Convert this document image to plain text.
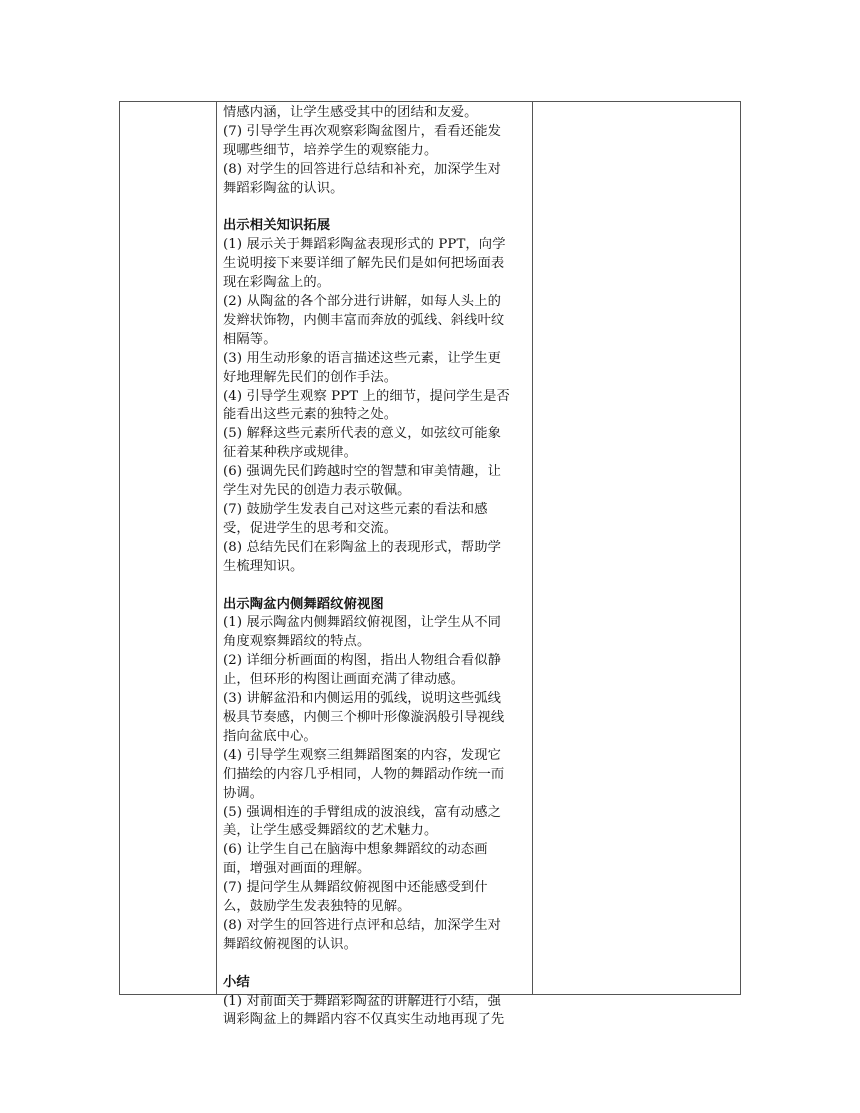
情感内涵，让学生感受其中的团结和友爱。
(7) 引导学生再次观察彩陶盆图片，看看还能发
现哪些细节，培养学生的观察能力。
(8) 对学生的回答进行总结和补充，加深学生对
舞蹈彩陶盆的认识。
出示相关知识拓展
(1) 展示关于舞蹈彩陶盆表现形式的 PPT，向学
生说明接下来要详细了解先民们是如何把场面表
现在彩陶盆上的。
(2) 从陶盆的各个部分进行讲解，如每人头上的
发辫状饰物，内侧丰富而奔放的弧线、斜线叶纹
相隔等。
(3) 用生动形象的语言描述这些元素，让学生更
好地理解先民们的创作手法。
(4) 引导学生观察 PPT 上的细节，提问学生是否
能看出这些元素的独特之处。
(5) 解释这些元素所代表的意义，如弦纹可能象
征着某种秩序或规律。
(6) 强调先民们跨越时空的智慧和审美情趣，让
学生对先民的创造力表示敬佩。
(7) 鼓励学生发表自己对这些元素的看法和感
受，促进学生的思考和交流。
(8) 总结先民们在彩陶盆上的表现形式，帮助学
生梳理知识。
出示陶盆内侧舞蹈纹俯视图
(1) 展示陶盆内侧舞蹈纹俯视图，让学生从不同
角度观察舞蹈纹的特点。
(2) 详细分析画面的构图，指出人物组合看似静
止，但环形的构图让画面充满了律动感。
(3) 讲解盆沿和内侧运用的弧线，说明这些弧线
极具节奏感，内侧三个柳叶形像漩涡般引导视线
指向盆底中心。
(4) 引导学生观察三组舞蹈图案的内容，发现它
们描绘的内容几乎相同，人物的舞蹈动作统一而
协调。
(5) 强调相连的手臂组成的波浪线，富有动感之
美，让学生感受舞蹈纹的艺术魅力。
(6) 让学生自己在脑海中想象舞蹈纹的动态画
面，增强对画面的理解。
(7) 提问学生从舞蹈纹俯视图中还能感受到什
么，鼓励学生发表独特的见解。
(8) 对学生的回答进行点评和总结，加深学生对
舞蹈纹俯视图的认识。
小结
(1) 对前面关于舞蹈彩陶盆的讲解进行小结，强
调彩陶盆上的舞蹈内容不仅真实生动地再现了先
